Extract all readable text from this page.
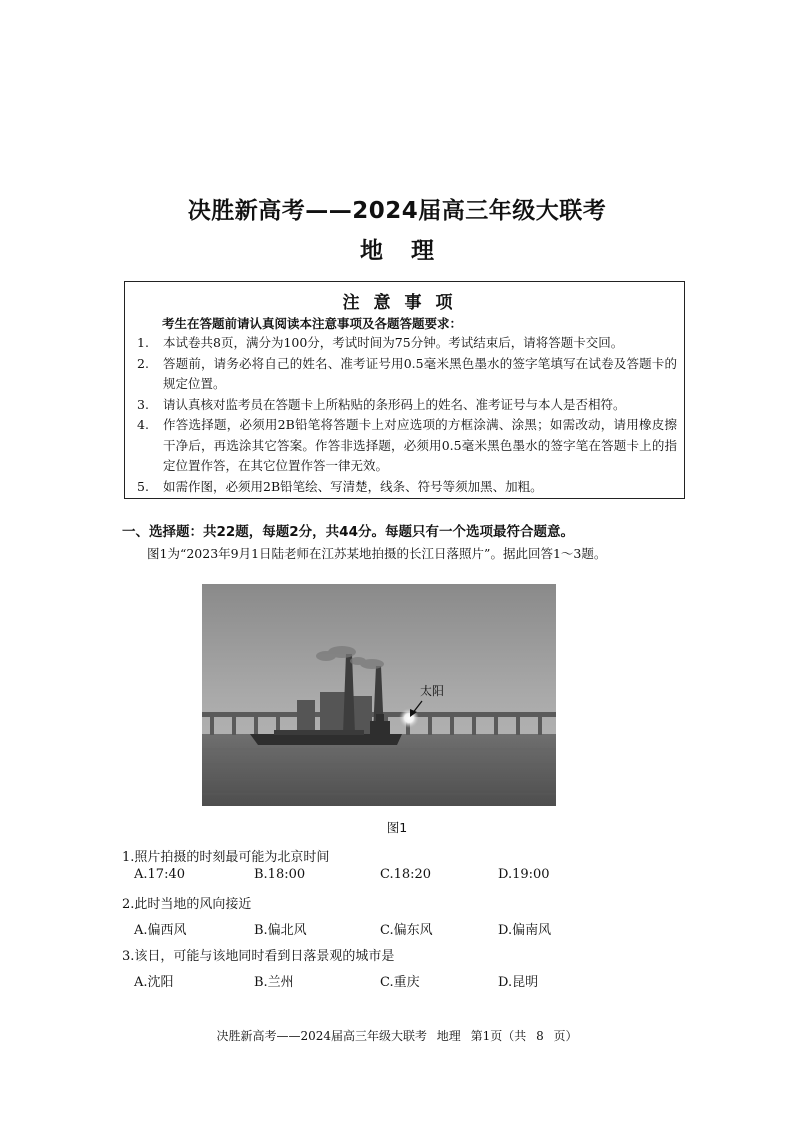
决胜新高考——2024届高三年级大联考
地 理
注意事项
考生在答题前请认真阅读本注意事项及各题答题要求：
1.	本试卷共8页，满分为100分，考试时间为75分钟。考试结束后，请将答题卡交回。
2.	答题前，请务必将自己的姓名、准考证号用0.5毫米黑色墨水的签字笔填写在试卷及答题卡的规定位置。
3.	请认真核对监考员在答题卡上所粘贴的条形码上的姓名、准考证号与本人是否相符。
4.	作答选择题，必须用2B铅笔将答题卡上对应选项的方框涂满、涂黑；如需改动，请用橡皮擦干净后，再选涂其它答案。作答非选择题，必须用0.5毫米黑色墨水的签字笔在答题卡上的指定位置作答，在其它位置作答一律无效。
5.	如需作图，必须用2B铅笔绘、写清楚，线条、符号等须加黑、加粗。
一、选择题：共22题，每题2分，共44分。每题只有一个选项最符合题意。
图1为“2023年9月1日陆老师在江苏某地拍摄的长江日落照片”。据此回答1～3题。
太阳
图1
1.照片拍摄的时刻最可能为北京时间
A.17:40	B.18:00	C.18:20	D.19:00
2.此时当地的风向接近
A.偏西风	B.偏北风	C.偏东风	D.偏南风
3.该日，可能与该地同时看到日落景观的城市是
A.沈阳	B.兰州	C.重庆	D.昆明
决胜新高考——2024届高三年级大联考 地理 第1页（共 8 页）
